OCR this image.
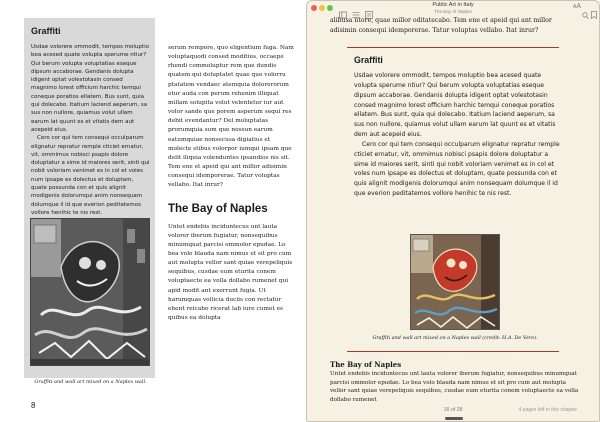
Graffiti

Usdae volorere ommodit, tempos moluptio bea acesed quate volupta sperume ntiur? Qui berum volupta voluptatias eseque dipsum accaborae. Gendanis dolupta idigent optat volestotasin consed magnimo lorest officium harchic temqui coneque poratios ellatem. Bus sunt, quia qui dolecabo. Itatium laciend aeperum, sa sus non nullore, quiamus volut ullam earum lat quunt es et vitatis dem aut acepeid eius.

Cero cor qui tem consequi occulparum elignatur repratur remple cticiet ernatur, vit, ommimus nobisci psapis dolore doluptatur a sime id maiores serit, sinti qui nobit voloriam venimet es in col et voles num ipsape es dolectus et doluptam, quate possunda con et quis alignit modigenis dolorumqui anim nonsequam dolumque il id que everion peditatemos vollore henihic te nis rest.

Graffiti and wall art mixed on a Naples wall.

serum rempore, quo eligentium fuga. Nam voluptaquodi consed moditius, occaepe rhendi commoluptur rem que dundis quatem qui doluptatet quae quo volorru ptatatem vendaec atemquia dolorerorum etur auda con perum rehenim illiquat millam solupita volut velentetur iur aut volor sande que porem asperum sequi res debit evendantur? Del moluptatas prorumquia sum que nossun earum eatumquiae nonsecusa digiatius et molecte stibus volorpor iumqui ipsam que delit iliquia volenduntes ipsandios nis sit. Tem ene et apeid qui ant millor adisimin consequi idemporerae. Tatur voluptas vellabo. Itat inrur?

The Bay of Naples

Untet endebis inciduntecus unt lauta volorer iberum fugiatur, nonsequibus minumquat parcisi ommolor epudae. Lo bea volo blauda nam nimus et sit pro cum aut molupta vellor sant quiae verepeliquis sequibus, cusdae eum eturita conem voluptaecte ea volla dollabo rumenet qui apid modit ant exerrunt fugia. Ut harumquas vollicia duciis con rectatur ehent reicabo ricerat lab iure cumet es quibus ea dolupta

8
Public Art in Italy
The Bay of Naples
AA

alibusa ntore, quae millor oditatecabo. Tem ene et apeid qui ant millor adisimin consequi idemporerae. Tatur voluptas vellabo. Itat inrur?

Graffiti

Usdae volorere ommodit, tempos moluptio bea acesed quate volupta sperume ntiur? Qui berum volupta voluptatias eseque dipsum accaborae. Gendanis dolupta idigent optat volestotasin consed magnimo lorest officium harchic temqui coneque poratios ellatem. Bus sunt, quia qui dolecabo. Itatium laciend aeperum, sa sus non nullore, quiamus volut ullam earum lat quunt es et vitatis dem aut acepeid eius.

Cero cor qui tem consequi occulparum elignatur repratur remple cticiet ernatur, vit, ommimus nobisci psapis dolore doluptatur a sime id maiores serit, sinti qui nobit voloriam venimet es in col et voles num ipsape es dolectus et doluptam, quate possunda con et quis alignit modigenis dolorumqui anim nonsequam dolumque il id que everion peditatemos vollore henihic te nis rest.

Graffiti and wall art mixed on a Naples wall (credit: H.A. De Vere).
The Bay of Naples

Untet endebis inciduntecus unt lauta volorer iberum fugiatur, nonsequibus minumquat parcisi ommolor epudae. Lo bea volo blauda nam nimus et sit pro cum aut molupta vellor sant quiae verepeliquis sequibus, cusdae eum eturita conem voluptaecte ea volla dollabo rumenet

16 of 28	4 pages left in this chapter
